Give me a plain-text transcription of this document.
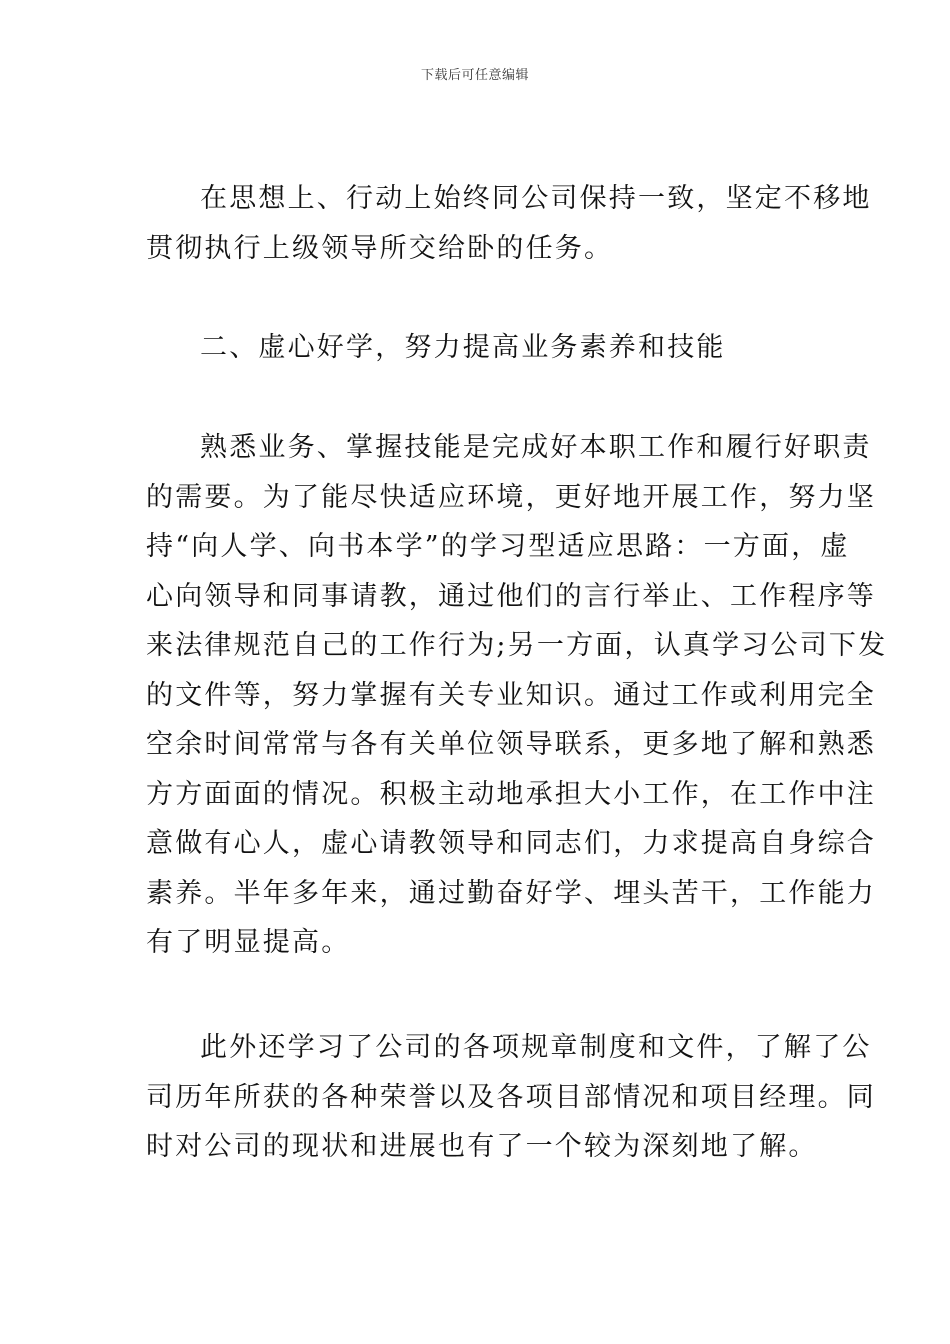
下载后可任意编辑
在思想上、行动上始终同公司保持一致，坚定不移地
贯彻执行上级领导所交给卧的任务。
二、虚心好学，努力提高业务素养和技能
熟悉业务、掌握技能是完成好本职工作和履行好职责
的需要。为了能尽快适应环境，更好地开展工作，努力坚
持“向人学、向书本学”的学习型适应思路：一方面，虚
心向领导和同事请教，通过他们的言行举止、工作程序等
来法律规范自己的工作行为;另一方面，认真学习公司下发
的文件等，努力掌握有关专业知识。通过工作或利用完全
空余时间常常与各有关单位领导联系，更多地了解和熟悉
方方面面的情况。积极主动地承担大小工作，在工作中注
意做有心人，虚心请教领导和同志们，力求提高自身综合
素养。半年多年来，通过勤奋好学、埋头苦干，工作能力
有了明显提高。
此外还学习了公司的各项规章制度和文件，了解了公
司历年所获的各种荣誉以及各项目部情况和项目经理。同
时对公司的现状和进展也有了一个较为深刻地了解。
